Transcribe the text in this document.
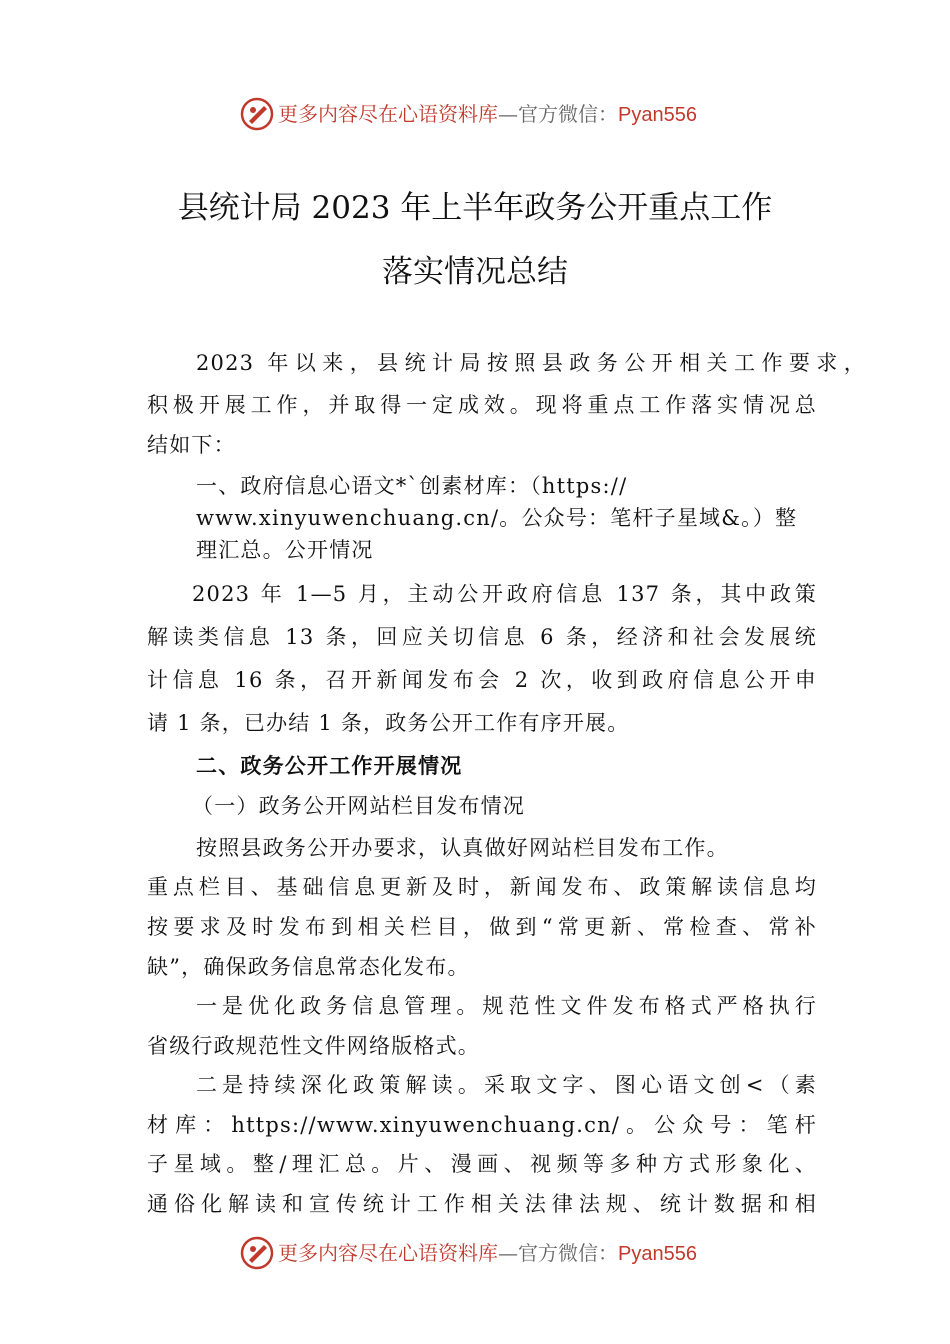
更多内容尽在心语资料库—官方微信：Pyan556
县统计局 2023 年上半年政务公开重点工作
落实情况总结
2023 年以来，县统计局按照县政务公开相关工作要求，
积极开展工作，并取得一定成效。现将重点工作落实情况总
结如下：
一、政府信息心语文*`创素材库：（https://
www.xinyuwenchuang.cn/。公众号：笔杆子星域&。）整
理汇总。公开情况
2023 年 1—5 月，主动公开政府信息 137 条，其中政策
解读类信息 13 条，回应关切信息 6 条，经济和社会发展统
计信息 16 条，召开新闻发布会 2 次，收到政府信息公开申
请 1 条，已办结 1 条，政务公开工作有序开展。
二、政务公开工作开展情况
（一）政务公开网站栏目发布情况
按照县政务公开办要求，认真做好网站栏目发布工作。
重点栏目、基础信息更新及时，新闻发布、政策解读信息均
按要求及时发布到相关栏目，做到“常更新、常检查、常补
缺”，确保政务信息常态化发布。
一是优化政务信息管理。规范性文件发布格式严格执行
省级行政规范性文件网络版格式。
二是持续深化政策解读。采取文字、图心语文创<（素
材库：https://www.xinyuwenchuang.cn/。公众号：笔杆
子星域。整/理汇总。片、漫画、视频等多种方式形象化、
通俗化解读和宣传统计工作相关法律法规、统计数据和相
更多内容尽在心语资料库—官方微信：Pyan556
